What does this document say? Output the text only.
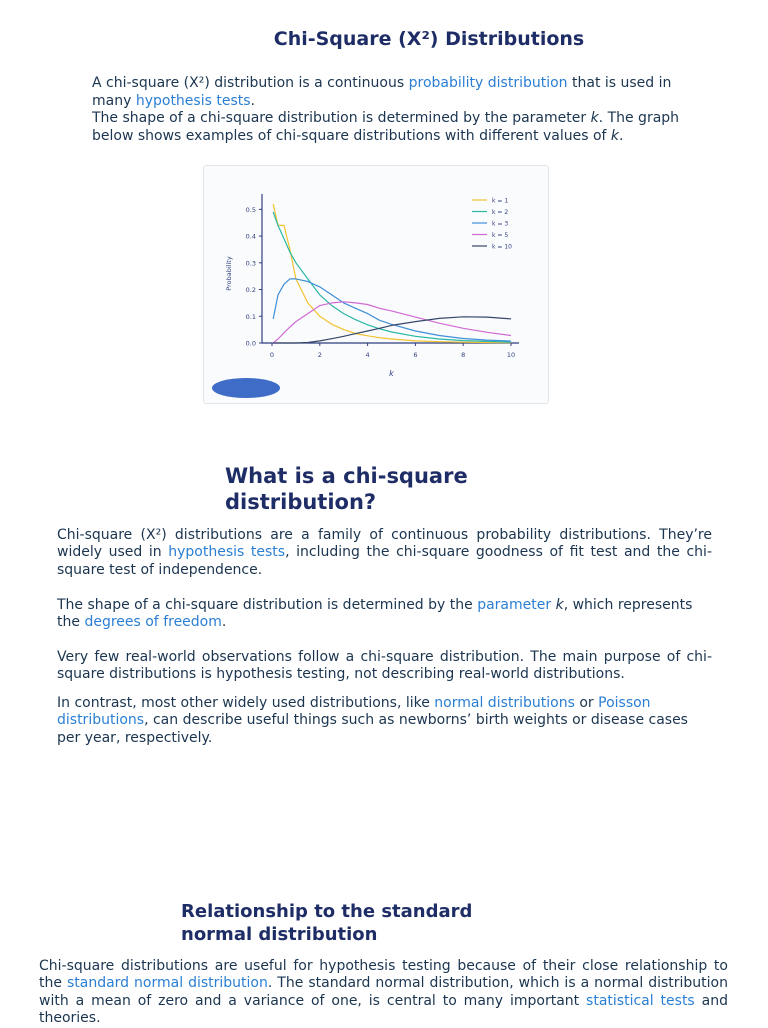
Chi-Square (X²) Distributions

A chi-square (X²) distribution is a continuous probability distribution that is used in many hypothesis tests.
The shape of a chi-square distribution is determined by the parameter k. The graph below shows examples of chi-square distributions with different values of k.

0	2	4	6	8	10
0.0
0.1
0.2
0.3
0.4
0.5
k
Probability
k = 1
k = 2
k = 3
k = 5
k = 10
What is a chi-square distribution?

Chi-square (X²) distributions are a family of continuous probability distributions. They’re widely used in hypothesis tests, including the chi-square goodness of fit test and the chi-square test of independence.

The shape of a chi-square distribution is determined by the parameter k, which represents the degrees of freedom.

Very few real-world observations follow a chi-square distribution. The main purpose of chi-square distributions is hypothesis testing, not describing real-world distributions.

In contrast, most other widely used distributions, like normal distributions or Poisson distributions, can describe useful things such as newborns’ birth weights or disease cases per year, respectively.

Relationship to the standard normal distribution

Chi-square distributions are useful for hypothesis testing because of their close relationship to the standard normal distribution. The standard normal distribution, which is a normal distribution with a mean of zero and a variance of one, is central to many important statistical tests and theories.
